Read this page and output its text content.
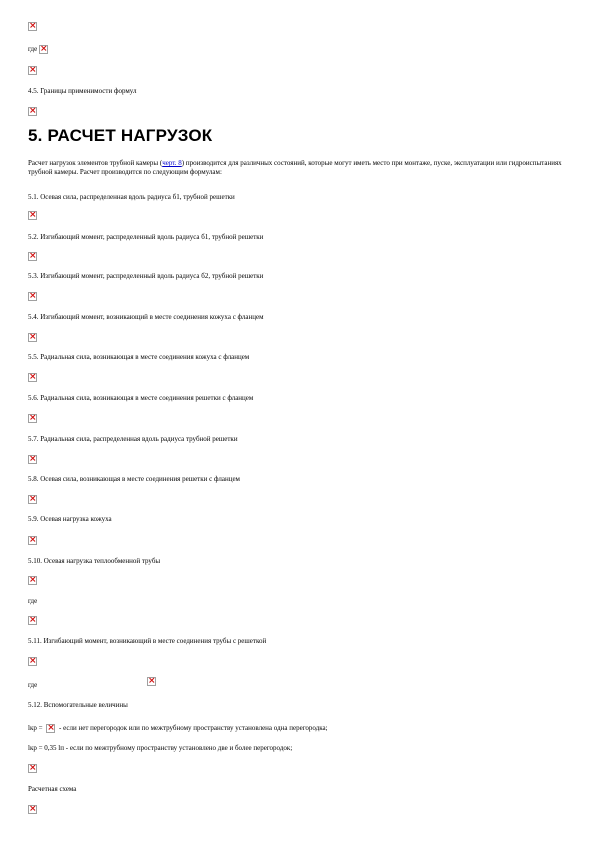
×
где ×
×
4.5. Границы применимости формул
×
5. РАСЧЕТ НАГРУЗОК
Расчет нагрузок элементов трубной камеры (черт. 8) производится для различных состояний, которые могут иметь место при монтаже, пуске, эксплуатации или гидроиспытаниях трубной камеры. Расчет производится по следующим формулам:
5.1. Осевая сила, распределенная вдоль радиуса б1, трубной решетки
×
5.2. Изгибающий момент, распределенный вдоль радиуса б1, трубной решетки
×
5.3. Изгибающий момент, распределенный вдоль радиуса б2, трубной решетки
×
5.4. Изгибающий момент, возникающий в месте соединения кожуха с фланцем
×
5.5. Радиальная сила, возникающая в месте соединения кожуха с фланцем
×
5.6. Радиальная сила, возникающая в месте соединения решетки с фланцем
×
5.7. Радиальная сила, распределенная вдоль радиуса трубной решетки
×
5.8. Осевая сила, возникающая в месте соединения решетки с фланцем
×
5.9. Осевая нагрузка кожуха
×
5.10. Осевая нагрузка теплообменной трубы
×
где
×
5.11. Изгибающий момент, возникающий в месте соединения трубы с решеткой
×
где
×
5.12. Вспомогательные величины
lкр = × - если нет перегородок или по межтрубному пространству установлена одна перегородка;
lкр = 0,35 lп - если по межтрубному пространству установлено две и более перегородок;
×
Расчетная схема
×
